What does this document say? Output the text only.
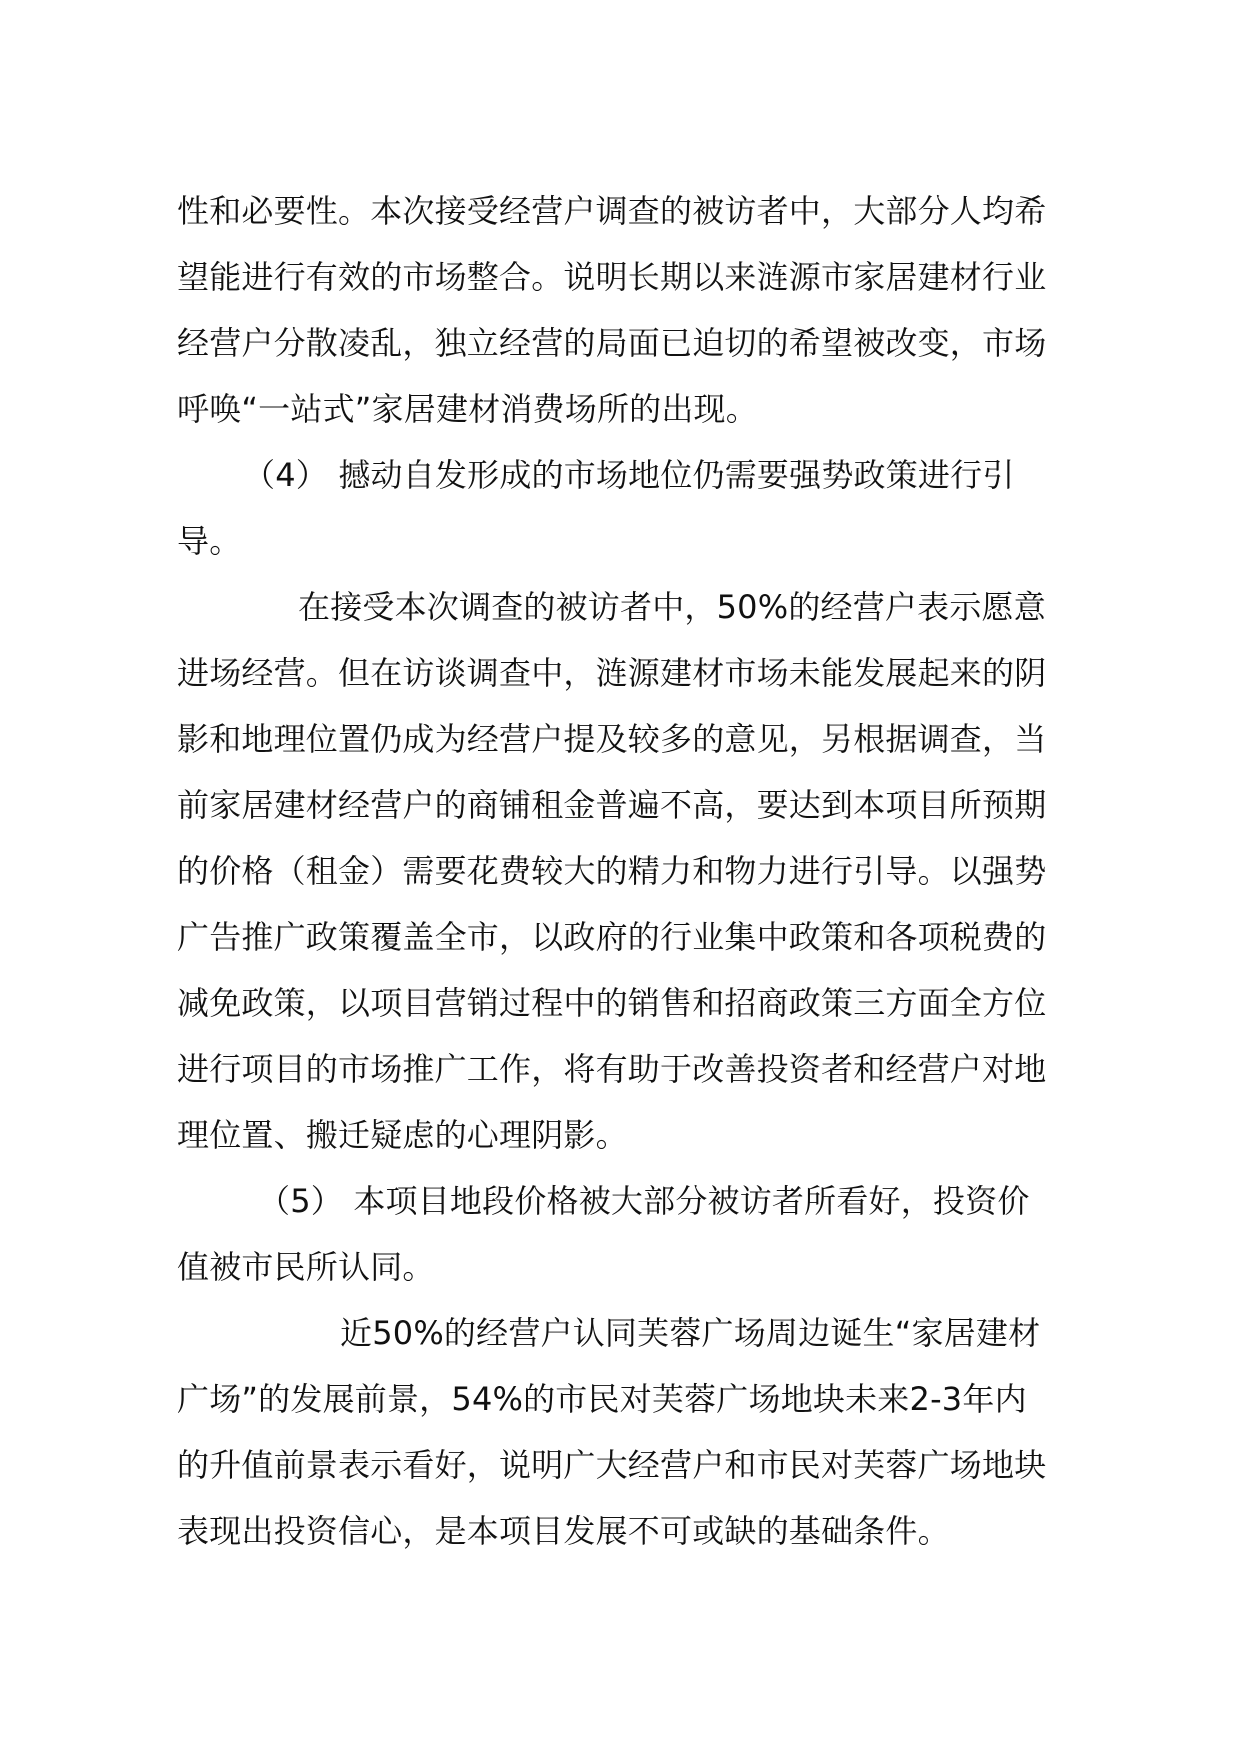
性和必要性。本次接受经营户调查的被访者中，大部分人均希
望能进行有效的市场整合。说明长期以来涟源市家居建材行业
经营户分散凌乱，独立经营的局面已迫切的希望被改变，市场
呼唤“一站式”家居建材消费场所的出现。
（4） 撼动自发形成的市场地位仍需要强势政策进行引
导。
在接受本次调查的被访者中，50%的经营户表示愿意
进场经营。但在访谈调查中，涟源建材市场未能发展起来的阴
影和地理位置仍成为经营户提及较多的意见，另根据调查，当
前家居建材经营户的商铺租金普遍不高，要达到本项目所预期
的价格（租金）需要花费较大的精力和物力进行引导。以强势
广告推广政策覆盖全市，以政府的行业集中政策和各项税费的
减免政策，以项目营销过程中的销售和招商政策三方面全方位
进行项目的市场推广工作，将有助于改善投资者和经营户对地
理位置、搬迁疑虑的心理阴影。
（5） 本项目地段价格被大部分被访者所看好，投资价
值被市民所认同。
近50%的经营户认同芙蓉广场周边诞生“家居建材
广场”的发展前景，54%的市民对芙蓉广场地块未来2-3年内
的升值前景表示看好，说明广大经营户和市民对芙蓉广场地块
表现出投资信心，是本项目发展不可或缺的基础条件。
